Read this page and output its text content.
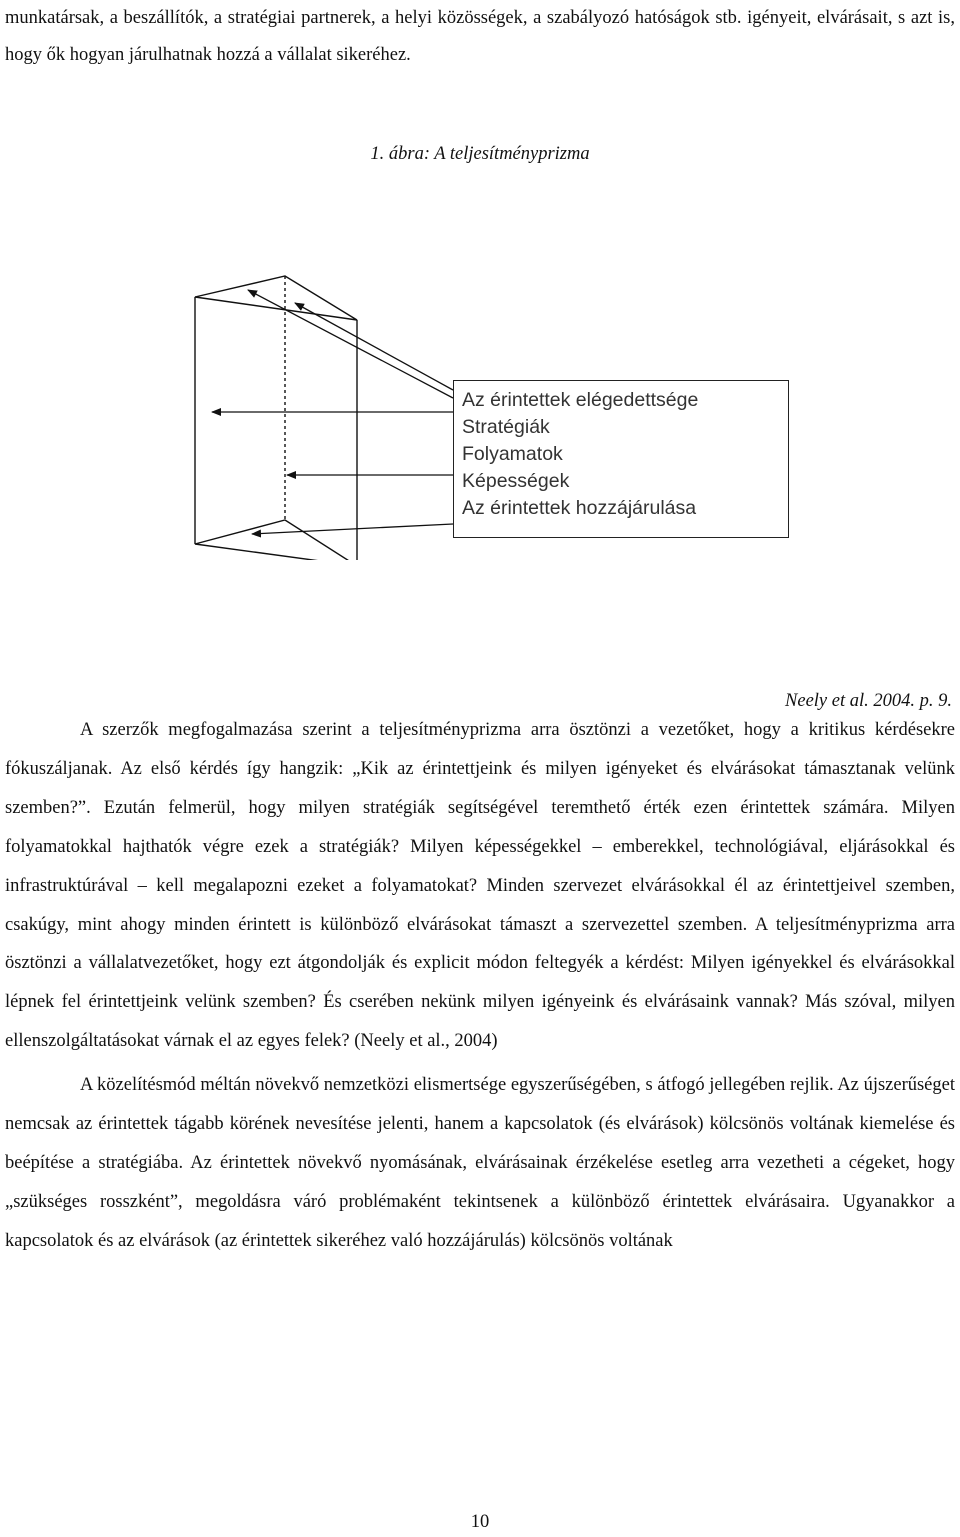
munkatársak, a beszállítók, a stratégiai partnerek, a helyi közösségek, a szabályozó hatóságok stb. igényeit, elvárásait, s azt is, hogy ők hogyan járulhatnak hozzá a vállalat sikeréhez.

1. ábra: A teljesítményprizma

Az érintettek elégedettsége
Stratégiák
Folyamatok
Képességek
Az érintettek hozzájárulása

Neely et al. 2004. p. 9.

A szerzők megfogalmazása szerint a teljesítményprizma arra ösztönzi a vezetőket, hogy a kritikus kérdésekre fókuszáljanak. Az első kérdés így hangzik: „Kik az érintettjeink és milyen igényeket és elvárásokat támasztanak velünk szemben?”. Ezután felmerül, hogy milyen stratégiák segítségével teremthető érték ezen érintettek számára. Milyen folyamatokkal hajthatók végre ezek a stratégiák? Milyen képességekkel – emberekkel, technológiával, eljárásokkal és infrastruktúrával – kell megalapozni ezeket a folyamatokat? Minden szervezet elvárásokkal él az érintettjeivel szemben, csakúgy, mint ahogy minden érintett is különböző elvárásokat támaszt a szervezettel szemben. A teljesítményprizma arra ösztönzi a vállalatvezetőket, hogy ezt átgondolják és explicit módon feltegyék a kérdést: Milyen igényekkel és elvárásokkal lépnek fel érintettjeink velünk szemben? És cserében nekünk milyen igényeink és elvárásaink vannak? Más szóval, milyen ellenszolgáltatásokat várnak el az egyes felek? (Neely et al., 2004)

A közelítésmód méltán növekvő nemzetközi elismertsége egyszerűségében, s átfogó jellegében rejlik. Az újszerűséget nemcsak az érintettek tágabb körének nevesítése jelenti, hanem a kapcsolatok (és elvárások) kölcsönös voltának kiemelése és beépítése a stratégiába. Az érintettek növekvő nyomásának, elvárásainak érzékelése esetleg arra vezetheti a cégeket, hogy „szükséges rosszként”, megoldásra váró problémaként tekintsenek a különböző érintettek elvárásaira. Ugyanakkor a kapcsolatok és az elvárások (az érintettek sikeréhez való hozzájárulás) kölcsönös voltának

10
